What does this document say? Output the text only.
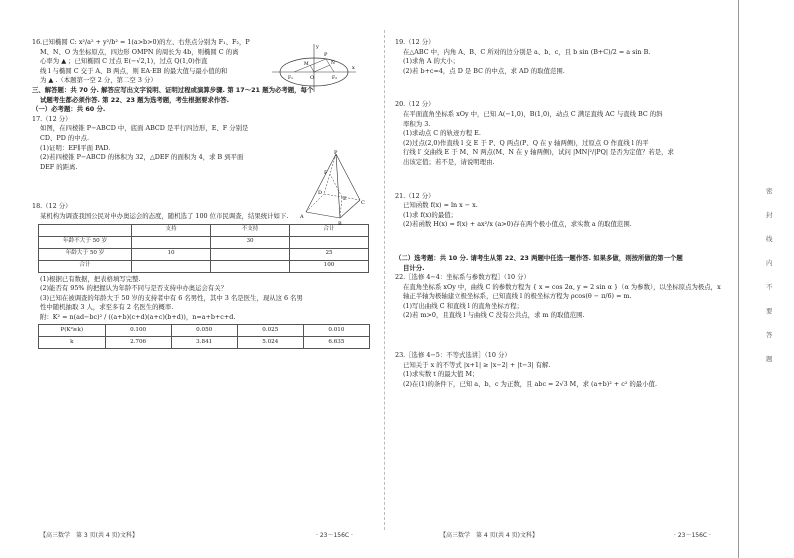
16.已知椭圆 C: x²/a² + y²/b² = 1(a>b>0)的左、右焦点分别为 F₁、F₂，P

M、N、O 为坐标原点，四边形 OMPN 的周长为 4b，则椭圆 C 的离

心率为 ▲ ；已知椭圆 C 过点 E(−√2,1)，过点 Q(1,0)作直

线 l 与椭圆 C 交于 A、B 两点，则 EA·EB 的最大值与最小值的和

为 ▲ .（本题第一空 2 分，第二空 3 分）

三、解答题：共 70 分. 解答应写出文字说明、证明过程或演算步骤. 第 17～21 题为必考题，每个

试题考生都必须作答. 第 22、23 题为选考题，考生根据要求作答.

（一）必考题：共 60 分.

17.（12 分）

如图，在四棱锥 P−ABCD 中，底面 ABCD 是平行四边形，E、F 分别是

CD、PD 的中点.

(1)证明：EF∥平面 PAD.

(2)若四棱锥 P−ABCD 的体积为 32，△DEF 的面积为 4，求 B 到平面

DEF 的距离.

18.（12 分）

某机构为调查我国公民对申办奥运会的态度，随机选了 100 位市民调查，结果统计如下.

	支持	不支持	合计
年龄不大于 50 岁		30	
年龄大于 50 岁	10		25
合计			100

(1)根据已有数据，把表格填写完整.

(2)能否有 95% 的把握认为年龄不同与是否支持申办奥运会有关？

(3)已知在被调查的年龄大于 50 岁的支持者中有 6 名男性，其中 3 名是医生，现从这 6 名男

性中随机抽取 3 人，求至多有 2 名医生的概率.

附：K² = n(ad−bc)² / ((a+b)(c+d)(a+c)(b+d))，n=a+b+c+d.

P(K²≥k)	0.100	0.050	0.025	0.010
k	2.706	3.841	5.024	6.635
y
x
O
P
F₁	F₂
M	N
P
A
B
C
D
E
F

19.（12 分）

在△ABC 中，内角 A、B、C 所对的边分别是 a、b、c，且 b sin (B+C)/2 = a sin B.

(1)求角 A 的大小；

(2)若 b+c=4，点 D 是 BC 的中点，求 AD 的取值范围.

20.（12 分）

在平面直角坐标系 xOy 中，已知 A(−1,0)，B(1,0)，动点 C 满足直线 AC 与直线 BC 的斜

率积为 3.

(1)求动点 C 的轨迹方程 E.

(2)过点(2,0)作直线 l 交 E 于 P、Q 两点(P、Q 在 y 轴两侧)，过原点 O 作直线 l 的平

行线 l′ 交曲线 E 于 M、N 两点(M、N 在 y 轴两侧)，试问 |MN|²/|PQ| 是否为定值？若是，求

出该定值；若不是，请说明理由.

21.（12 分）

已知函数 f(x) = ln x − x.

(1)求 f(x)的最值；

(2)若函数 H(x) = f(x) + ax²/x (a>0)存在两个极小值点，求实数 a 的取值范围.

（二）选考题：共 10 分. 请考生从第 22、23 两题中任选一题作答. 如果多做，则按所做的第一个题

目计分.

22.［选修 4−4：坐标系与参数方程］（10 分）

在直角坐标系 xOy 中，曲线 C 的参数方程为 { x = cos 2α, y = 2 sin α }（α 为参数），以坐标原点为极点，x

轴正半轴为极轴建立极坐标系，已知直线 l 的极坐标方程为 ρcos(θ − π/6) = m.

(1)写出曲线 C 和直线 l 的直角坐标方程；

(2)若 m>0，且直线 l 与曲线 C 没有公共点，求 m 的取值范围.

23.［选修 4−5：不等式选讲］（10 分）

已知关于 x 的不等式 |x+1| ≥ |x−2| + |t−3| 有解.

(1)求实数 t 的最大值 M；

(2)在(1)的条件下，已知 a、b、c 为正数，且 abc = 2√3 M，求 (a+b)² + c² 的最小值.

【高三数学　第 3 页(共 4 页)文科】	· 23－156C ·	【高三数学　第 4 页(共 4 页)文科】	· 23－156C ·
密
封
线
内
不
要
答
题
